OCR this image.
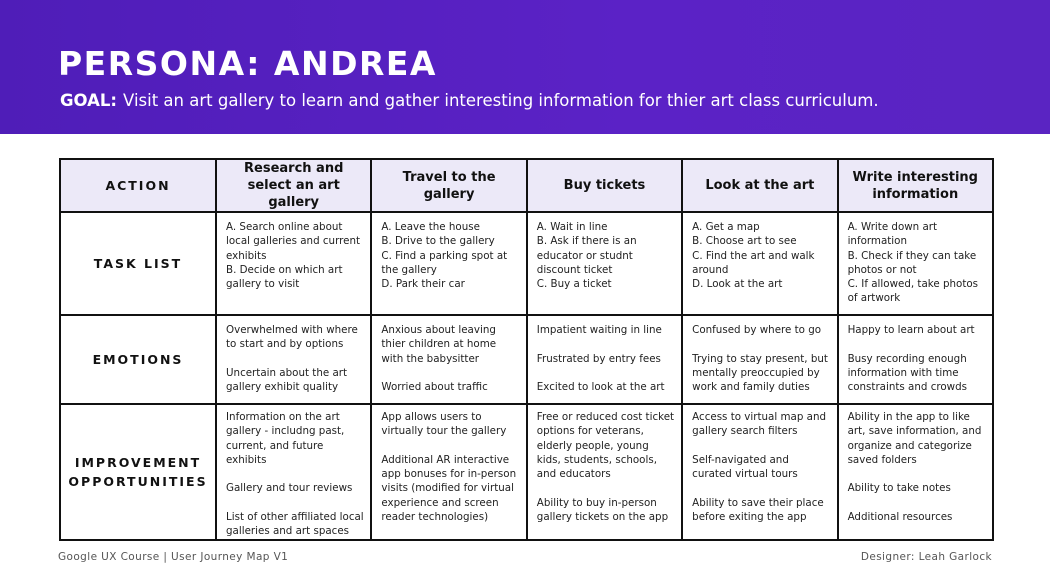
PERSONA: ANDREA
GOAL: Visit an art gallery to learn and gather interesting information for thier art class curriculum.
ACTION	Research and select an art gallery	Travel to the gallery	Buy tickets	Look at the art	Write interesting information
TASK LIST	A. Search online about local galleries and current exhibits
B. Decide on which art gallery to visit	A. Leave the house
B. Drive to the gallery
C. Find a parking spot at the gallery
D. Park their car	A. Wait in line
B. Ask if there is an educator or studnt discount ticket
C. Buy a ticket	A. Get a map
B. Choose art to see
C. Find the art and walk around
D. Look at the art	A. Write down art information
B. Check if they can take photos or not
C. If allowed, take photos of artwork
EMOTIONS	Overwhelmed with where to start and by options

Uncertain about the art gallery exhibit quality	Anxious about leaving thier children at home with the babysitter

Worried about traffic	Impatient waiting in line

Frustrated by entry fees

Excited to look at the art	Confused by where to go

Trying to stay present, but mentally preoccupied by work and family duties	Happy to learn about art

Busy recording enough information with time constraints and crowds
IMPROVEMENT OPPORTUNITIES	Information on the art gallery - includng past, current, and future exhibits

Gallery and tour reviews

List of other affiliated local galleries and art spaces	App allows users to virtually tour the gallery

Additional AR interactive app bonuses for in-person visits (modified for virtual experience and screen reader technologies)	Free or reduced cost ticket options for veterans, elderly people, young kids, students, schools, and educators

Ability to buy in-person gallery tickets on the app	Access to virtual map and gallery search filters

Self-navigated and curated virtual tours

Ability to save their place before exiting the app	Ability in the app to like art, save information, and organize and categorize saved folders

Ability to take notes

Additional resources
Google UX Course | User Journey Map V1	Designer: Leah Garlock
